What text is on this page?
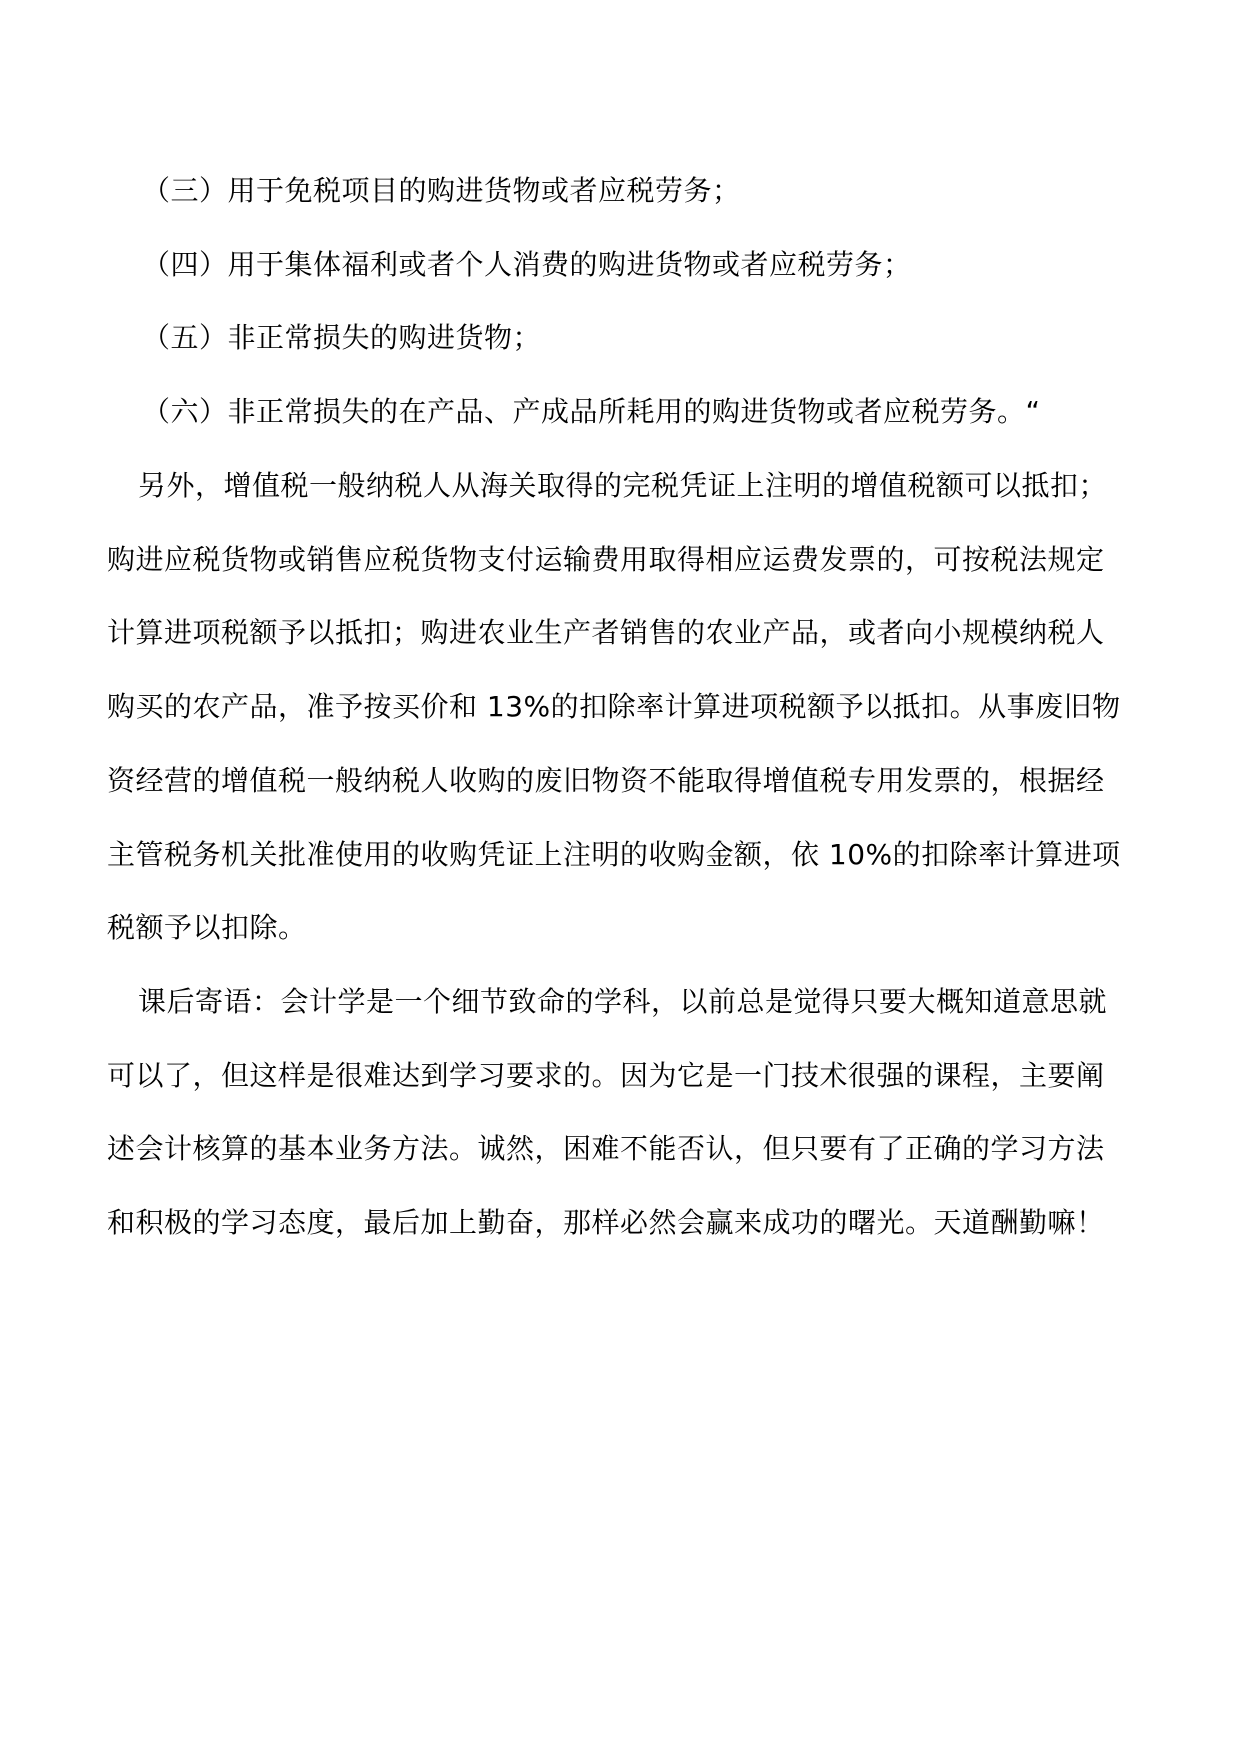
（三）用于免税项目的购进货物或者应税劳务；
（四）用于集体福利或者个人消费的购进货物或者应税劳务；
（五）非正常损失的购进货物；
（六）非正常损失的在产品、产成品所耗用的购进货物或者应税劳务。“
另外，增值税一般纳税人从海关取得的完税凭证上注明的增值税额可以抵扣；
购进应税货物或销售应税货物支付运输费用取得相应运费发票的，可按税法规定
计算进项税额予以抵扣；购进农业生产者销售的农业产品，或者向小规模纳税人
购买的农产品，准予按买价和 13%的扣除率计算进项税额予以抵扣。从事废旧物
资经营的增值税一般纳税人收购的废旧物资不能取得增值税专用发票的，根据经
主管税务机关批准使用的收购凭证上注明的收购金额，依 10%的扣除率计算进项
税额予以扣除。
课后寄语：会计学是一个细节致命的学科，以前总是觉得只要大概知道意思就
可以了，但这样是很难达到学习要求的。因为它是一门技术很强的课程，主要阐
述会计核算的基本业务方法。诚然，困难不能否认，但只要有了正确的学习方法
和积极的学习态度，最后加上勤奋，那样必然会赢来成功的曙光。天道酬勤嘛！
